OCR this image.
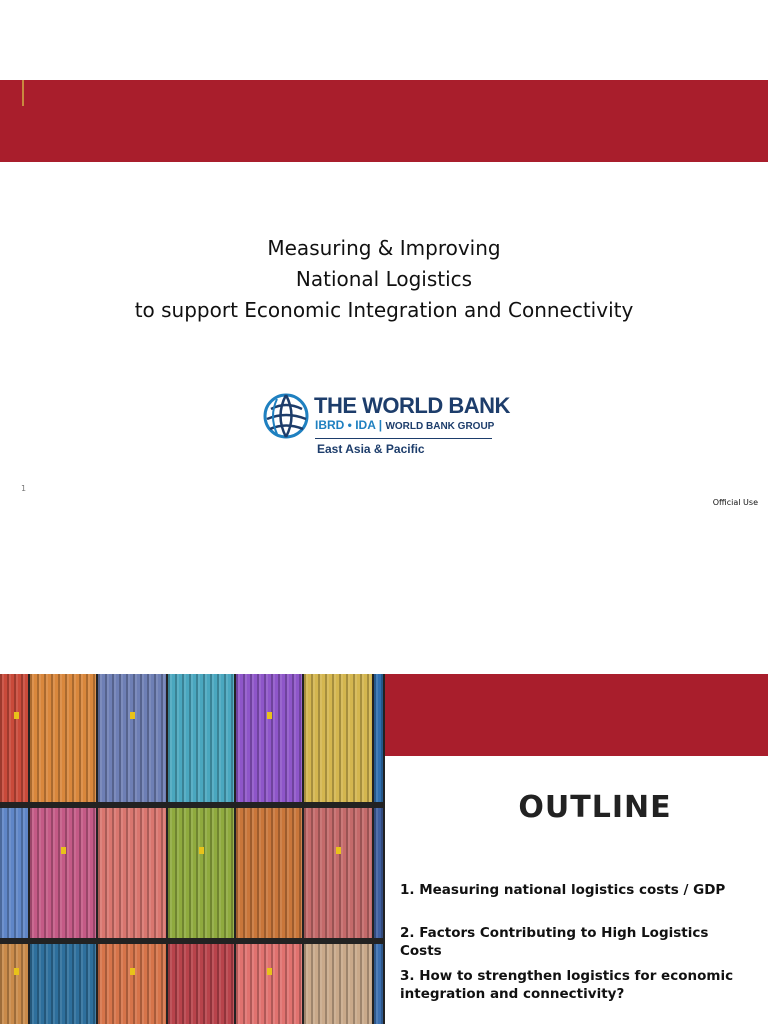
Measuring & Improving
National Logistics
to support Economic Integration and Connectivity
THE WORLD BANK
IBRD • IDA | WORLD BANK GROUP
East Asia & Pacific
1
Official Use
OUTLINE
1. Measuring national logistics costs / GDP
2. Factors Contributing to High Logistics Costs
3. How to strengthen logistics for economic integration and connectivity?
